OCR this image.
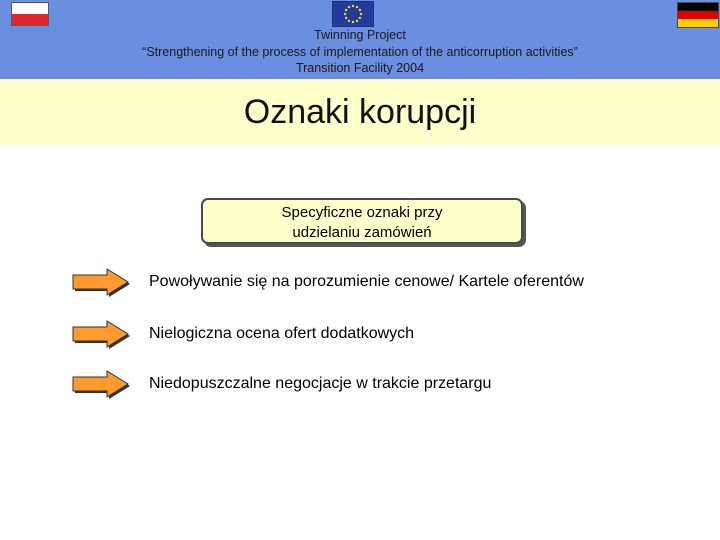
Twinning Project
“Strengthening of the process of implementation of the anticorruption activities”
Transition Facility 2004
Oznaki korupcji
Specyficzne oznaki przy
udzielaniu zamówień
Powoływanie się na porozumienie cenowe/ Kartele oferentów
Nielogiczna ocena ofert dodatkowych
Niedopuszczalne negocjacje w trakcie przetargu
